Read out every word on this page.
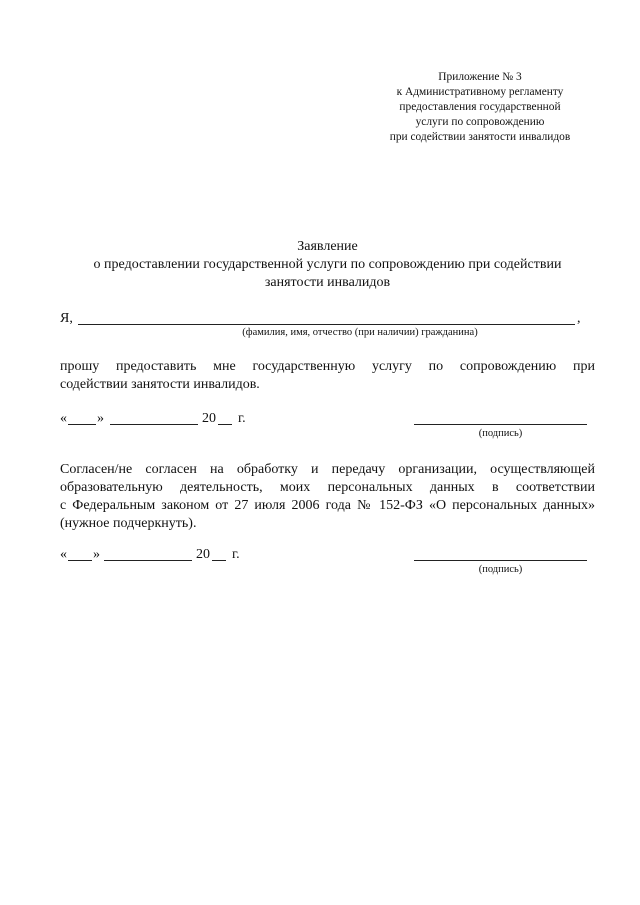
Приложение № 3
к Административному регламенту
предоставления государственной
услуги по сопровождению
при содействии занятости инвалидов
Заявление
о предоставлении государственной услуги по сопровождению при содействии
занятости инвалидов
Я,	,
(фамилия, имя, отчество (при наличии) гражданина)
прошу предоставить мне государственную услугу по сопровождению при
содействии занятости инвалидов.
« »	20 г.
(подпись)
Согласен/не согласен на обработку и передачу организации, осуществляющей
образовательную деятельность, моих персональных данных в соответствии
с Федеральным законом от 27 июля 2006 года № 152-ФЗ «О персональных данных»
(нужное подчеркнуть).
« »	20 г.
(подпись)
